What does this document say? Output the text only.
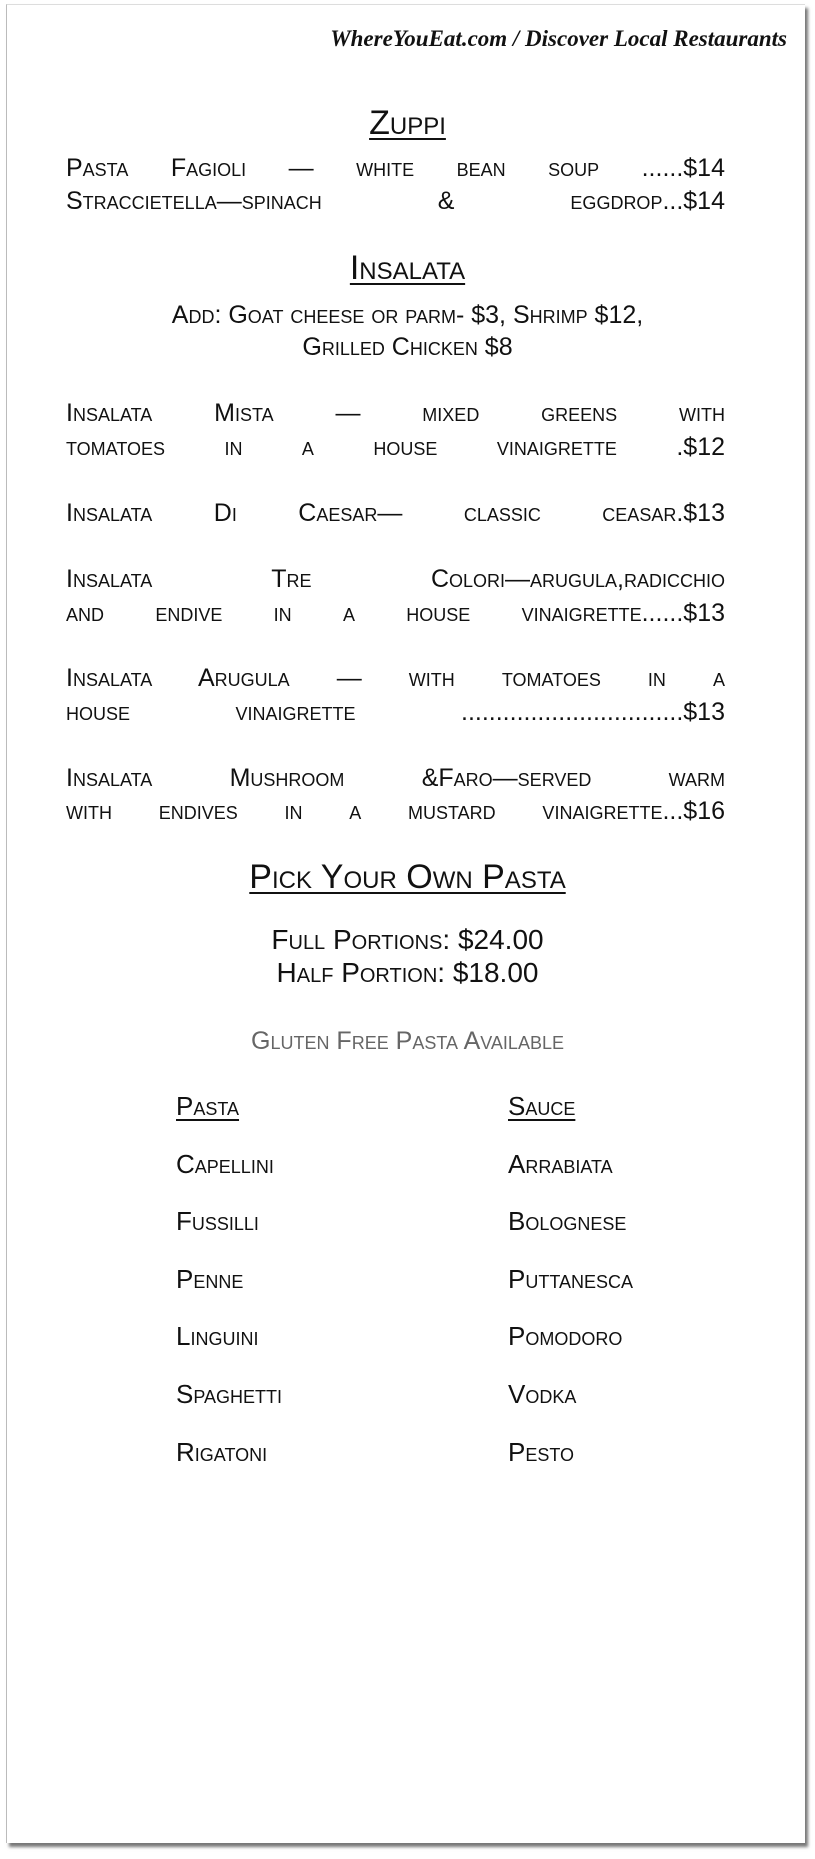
WhereYouEat.com / Discover Local Restaurants
Zuppi
Pasta Fagioli — white bean soup ......$14
Straccietella—spinach & eggdrop...$14
Insalata
Add: Goat cheese or parm- $3, Shrimp $12,
Grilled Chicken $8
Insalata Mista — mixed greens with
tomatoes in a house vinaigrette .$12
Insalata Di Caesar— classic ceasar.$13
Insalata Tre Colori—arugula,radicchio
and endive in a house vinaigrette......$13
Insalata Arugula — with tomatoes in a
house vinaigrette ................................$13
Insalata Mushroom &Faro—served warm
with endives in a mustard vinaigrette...$16
Pick Your Own Pasta
Full Portions: $24.00
Half Portion: $18.00
Gluten Free Pasta Available
Pasta	Sauce
Capellini
Fussilli
Penne
Linguini
Spaghetti
Rigatoni
Arrabiata
Bolognese
Puttanesca
Pomodoro
Vodka
Pesto
